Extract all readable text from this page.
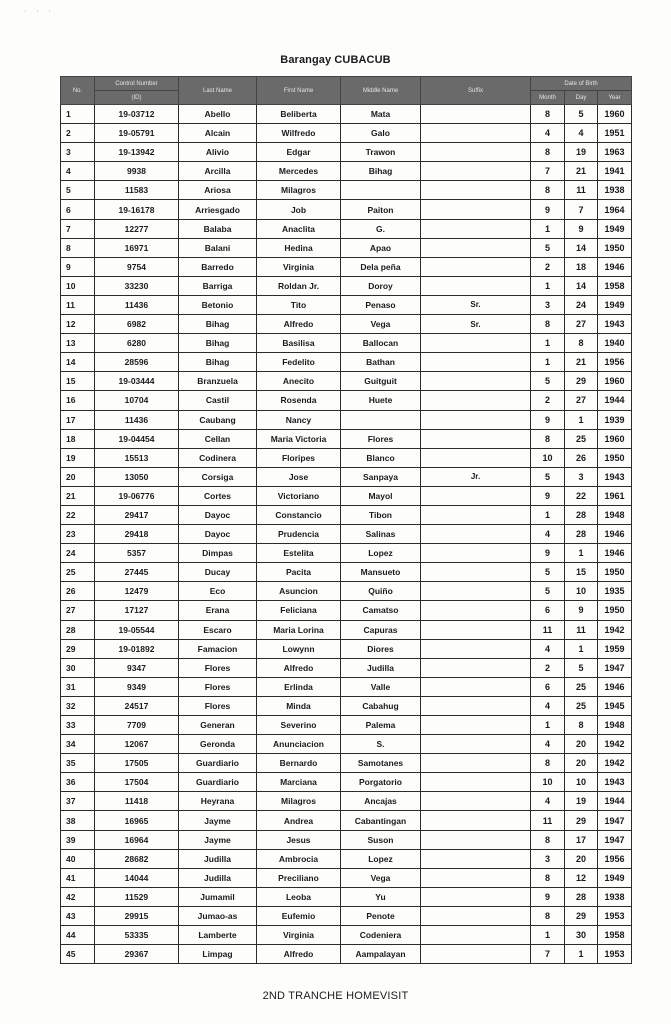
· · ·
Barangay CUBACUB
No.	Control Number	Last Name	First Name	Middle Name	Suffix	Date of Birth		
	(ID)					Month	Day	Year
1	19-03712	Abello	Beliberta	Mata		8	5	1960
2	19-05791	Alcain	Wilfredo	Galo		4	4	1951
3	19-13942	Alivio	Edgar	Trawon		8	19	1963
4	9938	Arcilla	Mercedes	Bihag		7	21	1941
5	11583	Ariosa	Milagros			8	11	1938
6	19-16178	Arriesgado	Job	Paiton		9	7	1964
7	12277	Balaba	Anaclita	G.		1	9	1949
8	16971	Balani	Hedina	Apao		5	14	1950
9	9754	Barredo	Virginia	Dela peña		2	18	1946
10	33230	Barriga	Roldan Jr.	Doroy		1	14	1958
11	11436	Betonio	Tito	Penaso	Sr.	3	24	1949
12	6982	Bihag	Alfredo	Vega	Sr.	8	27	1943
13	6280	Bihag	Basilisa	Ballocan		1	8	1940
14	28596	Bihag	Fedelito	Bathan		1	21	1956
15	19-03444	Branzuela	Anecito	Guitguit		5	29	1960
16	10704	Castil	Rosenda	Huete		2	27	1944
17	11436	Caubang	Nancy			9	1	1939
18	19-04454	Cellan	Maria Victoria	Flores		8	25	1960
19	15513	Codinera	Floripes	Blanco		10	26	1950
20	13050	Corsiga	Jose	Sanpaya	Jr.	5	3	1943
21	19-06776	Cortes	Victoriano	Mayol		9	22	1961
22	29417	Dayoc	Constancio	Tibon		1	28	1948
23	29418	Dayoc	Prudencia	Salinas		4	28	1946
24	5357	Dimpas	Estelita	Lopez		9	1	1946
25	27445	Ducay	Pacita	Mansueto		5	15	1950
26	12479	Eco	Asuncion	Quiño		5	10	1935
27	17127	Erana	Feliciana	Camatso		6	9	1950
28	19-05544	Escaro	Maria Lorina	Capuras		11	11	1942
29	19-01892	Famacion	Lowynn	Diores		4	1	1959
30	9347	Flores	Alfredo	Judilla		2	5	1947
31	9349	Flores	Erlinda	Valle		6	25	1946
32	24517	Flores	Minda	Cabahug		4	25	1945
33	7709	Generan	Severino	Palema		1	8	1948
34	12067	Geronda	Anunciacion	S.		4	20	1942
35	17505	Guardiario	Bernardo	Samotanes		8	20	1942
36	17504	Guardiario	Marciana	Porgatorio		10	10	1943
37	11418	Heyrana	Milagros	Ancajas		4	19	1944
38	16965	Jayme	Andrea	Cabantingan		11	29	1947
39	16964	Jayme	Jesus	Suson		8	17	1947
40	28682	Judilla	Ambrocia	Lopez		3	20	1956
41	14044	Judilla	Preciliano	Vega		8	12	1949
42	11529	Jumamil	Leoba	Yu		9	28	1938
43	29915	Jumao-as	Eufemio	Penote		8	29	1953
44	53335	Lamberte	Virginia	Codeniera		1	30	1958
45	29367	Limpag	Alfredo	Aampalayan		7	1	1953
2ND TRANCHE HOMEVISIT
